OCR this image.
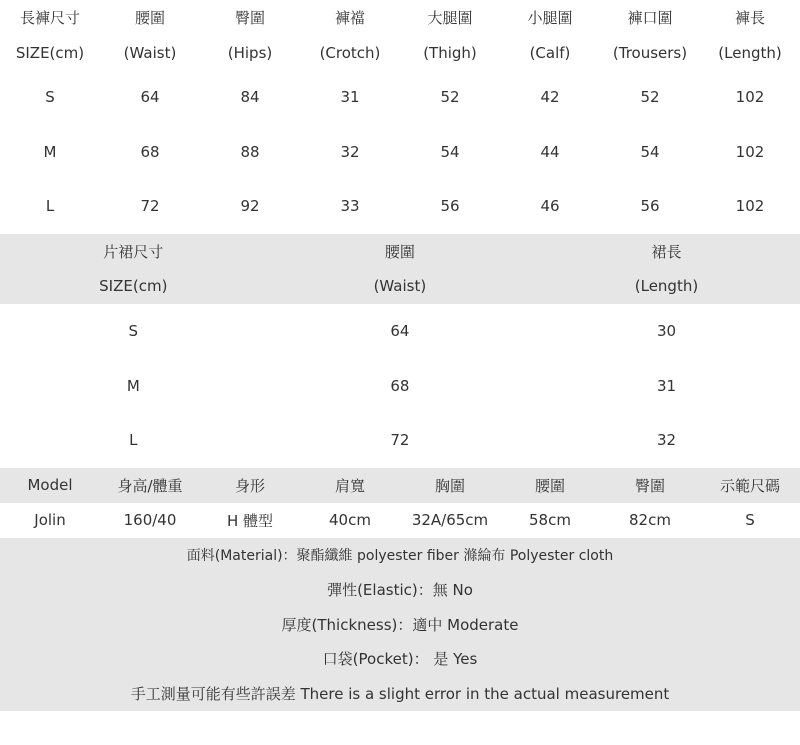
長褲尺寸	腰圍	臀圍	褲襠	大腿圍	小腿圍	褲口圍	褲長
SIZE(cm)	(Waist)	(Hips)	(Crotch)	(Thigh)	(Calf)	(Trousers)	(Length)
S	64	84	31	52	42	52	102
M	68	88	32	54	44	54	102
L	72	92	33	56	46	56	102
片裙尺寸	腰圍	裙長
SIZE(cm)	(Waist)	(Length)
S	64	30
M	68	31
L	72	32
Model	身高/體重	身形	肩寬	胸圍	腰圍	臀圍	示範尺碼
Jolin	160/40	H 體型	40cm	32A/65cm	58cm	82cm	S
面料(Material)：聚酯纖維 polyester fiber 滌綸布 Polyester cloth
彈性(Elastic)：無 No
厚度(Thickness)：適中 Moderate
口袋(Pocket)： 是 Yes
手工測量可能有些許誤差 There is a slight error in the actual measurement
